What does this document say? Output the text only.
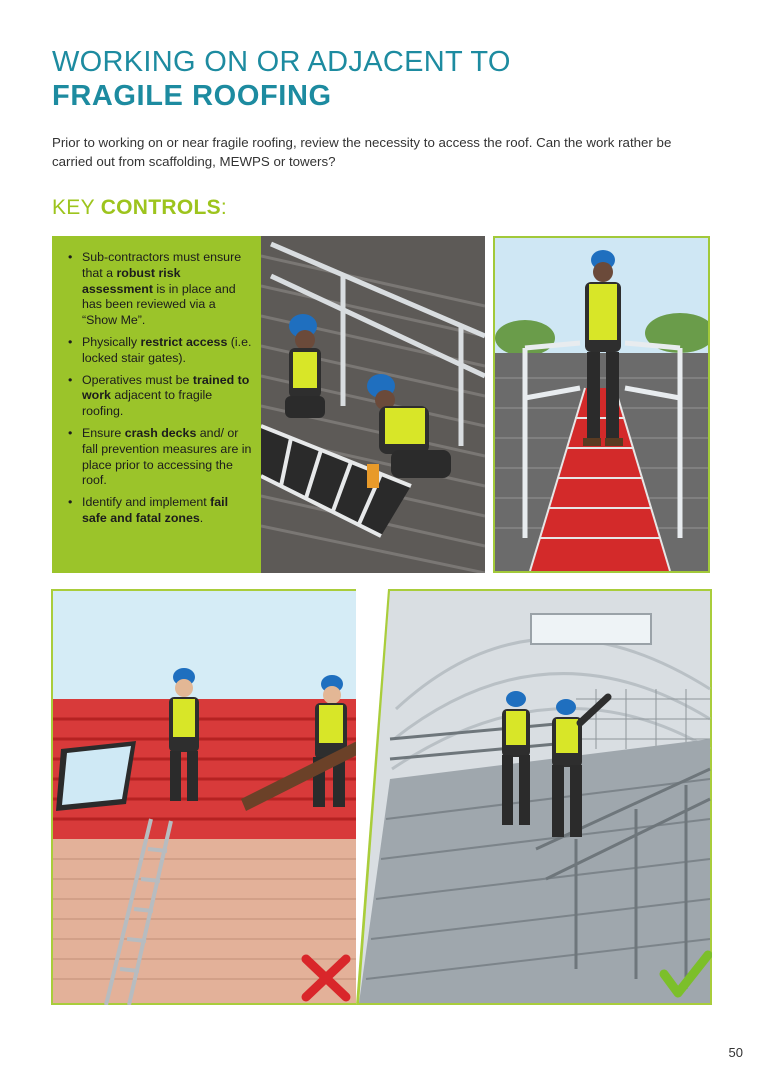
WORKING ON OR ADJACENT TO
FRAGILE ROOFING
Prior to working on or near fragile roofing, review the necessity to access the roof. Can the work rather be carried out from scaffolding, MEWPS or towers?
KEY CONTROLS:
• Sub-contractors must ensure that a robust risk assessment is in place and has been reviewed via a “Show Me”.
• Physically restrict access (i.e. locked stair gates).
• Operatives must be trained to work adjacent to fragile roofing.
• Ensure crash decks and/ or fall prevention measures are in place prior to accessing the roof.
• Identify and implement fail safe and fatal zones.
50
